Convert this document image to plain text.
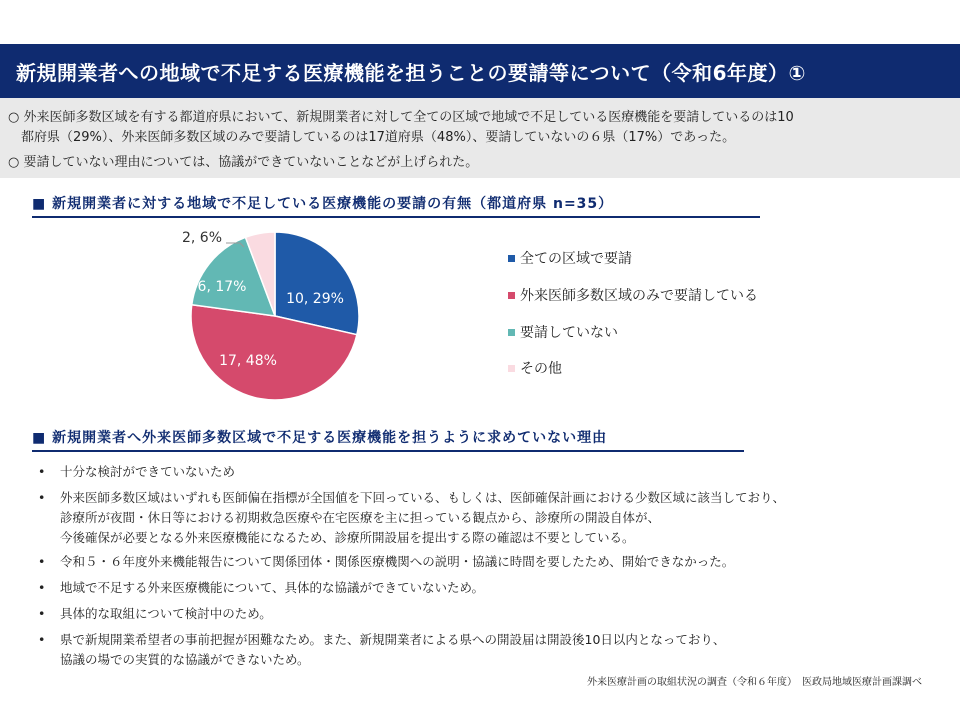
新規開業者への地域で不足する医療機能を担うことの要請等について（令和6年度）①
○ 外来医師多数区域を有する都道府県において、新規開業者に対して全ての区域で地域で不足している医療機能を要請しているのは10
　都府県（29%）、外来医師多数区域のみで要請しているのは17道府県（48%）、要請していないの６県（17%）であった。
○ 要請していない理由については、協議ができていないことなどが上げられた。
■ 新規開業者に対する地域で不足している医療機能の要請の有無（都道府県 n=35）
10, 29%
17, 48%
6, 17%
2, 6%
全ての区域で要請
外来医師多数区域のみで要請している
要請していない
その他
■ 新規開業者へ外来医師多数区域で不足する医療機能を担うように求めていない理由
•	十分な検討ができていないため
•	外来医師多数区域はいずれも医師偏在指標が全国値を下回っている、もしくは、医師確保計画における少数区域に該当しており、
診療所が夜間・休日等における初期救急医療や在宅医療を主に担っている観点から、診療所の開設自体が、
今後確保が必要となる外来医療機能になるため、診療所開設届を提出する際の確認は不要としている。
•	令和５・６年度外来機能報告について関係団体・関係医療機関への説明・協議に時間を要したため、開始できなかった。
•	地域で不足する外来医療機能について、具体的な協議ができていないため。
•	具体的な取組について検討中のため。
•	県で新規開業希望者の事前把握が困難なため。また、新規開業者による県への開設届は開設後10日以内となっており、
協議の場での実質的な協議ができないため。
外来医療計画の取組状況の調査（令和６年度）　医政局地域医療計画課調べ
